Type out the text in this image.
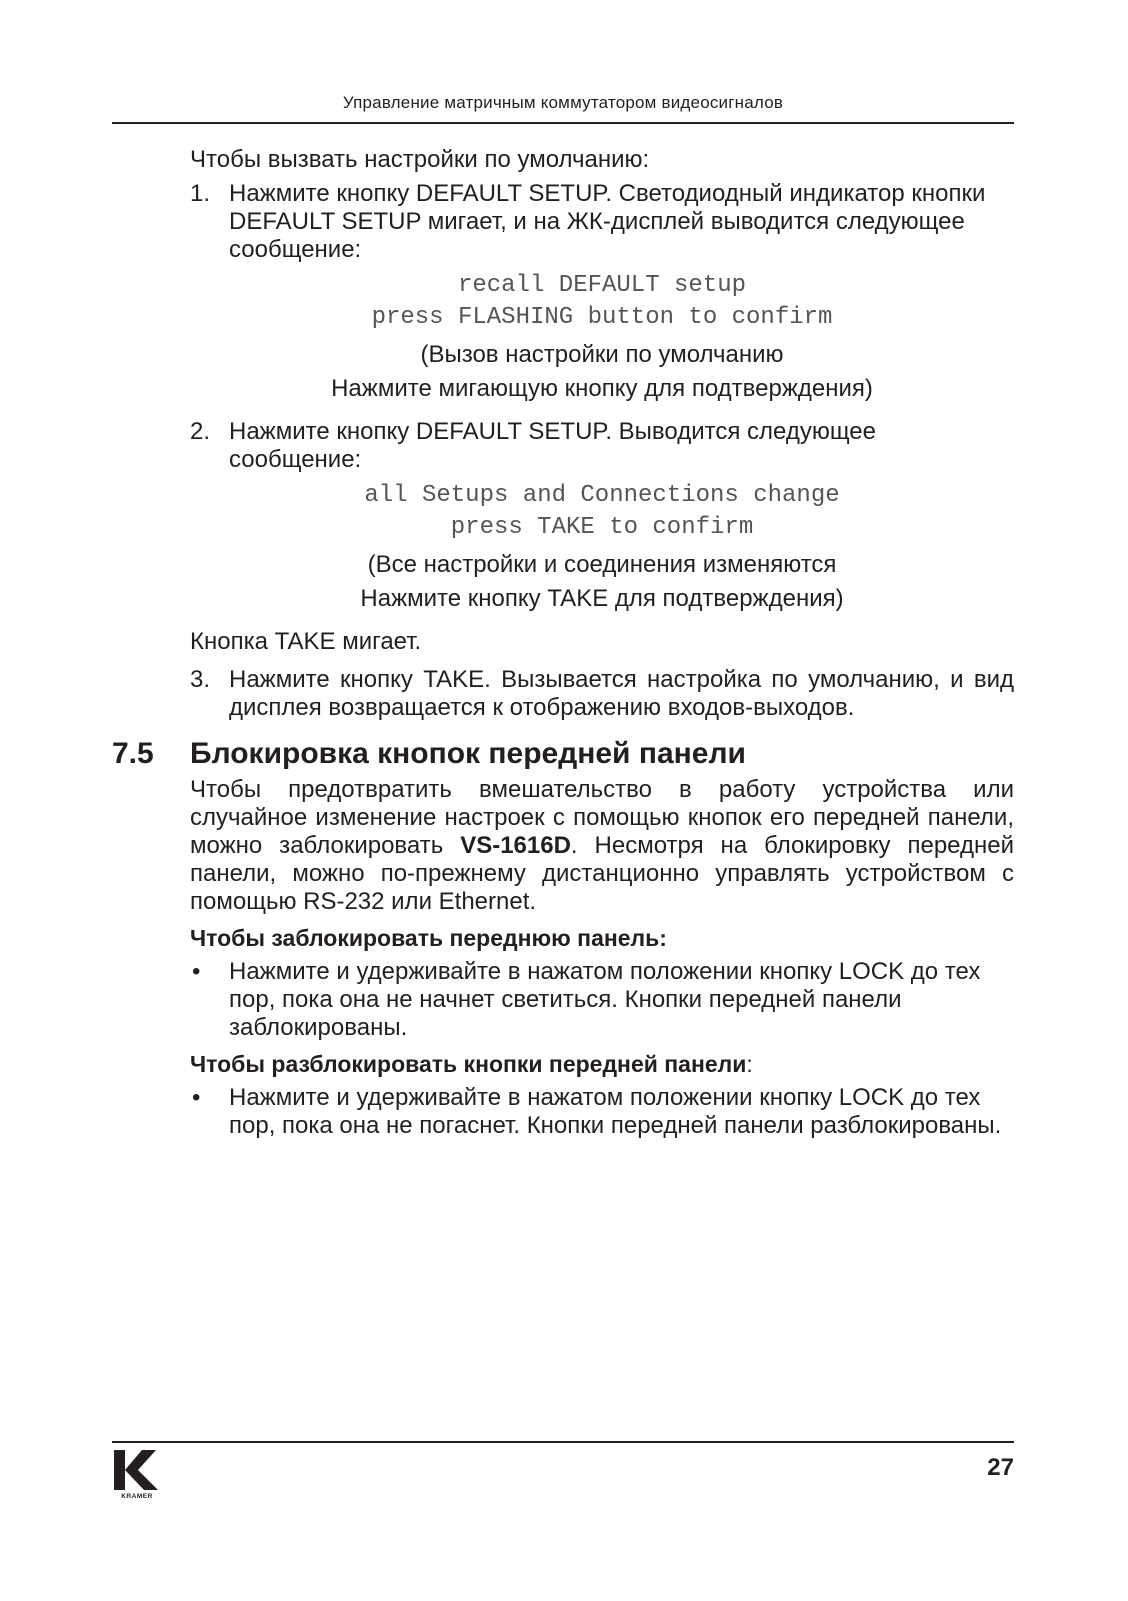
Управление матричным коммутатором видеосигналов

Чтобы вызвать настройки по умолчанию:

1. Нажмите кнопку DEFAULT SETUP. Светодиодный индикатор кнопки DEFAULT SETUP мигает, и на ЖК-дисплей выводится следующее сообщение:

recall DEFAULT setup

press FLASHING button to confirm

(Вызов настройки по умолчанию

Нажмите мигающую кнопку для подтверждения)

2. Нажмите кнопку DEFAULT SETUP. Выводится следующее сообщение:

all Setups and Connections change

press TAKE to confirm

(Все настройки и соединения изменяются

Нажмите кнопку TAKE для подтверждения)

Кнопка TAKE мигает.

3. Нажмите кнопку TAKE. Вызывается настройка по умолчанию, и вид дисплея возвращается к отображению входов-выходов.
7.5 Блокировка кнопок передней панели

Чтобы предотвратить вмешательство в работу устройства или случайное изменение настроек с помощью кнопок его передней панели, можно заблокировать VS-1616D. Несмотря на блокировку передней панели, можно по-прежнему дистанционно управлять устройством с помощью RS-232 или Ethernet.

Чтобы заблокировать переднюю панель:

• Нажмите и удерживайте в нажатом положении кнопку LOCK до тех пор, пока она не начнет светиться. Кнопки передней панели заблокированы.

Чтобы разблокировать кнопки передней панели:

• Нажмите и удерживайте в нажатом положении кнопку LOCK до тех пор, пока она не погаснет. Кнопки передней панели разблокированы.
KRAMER
27
